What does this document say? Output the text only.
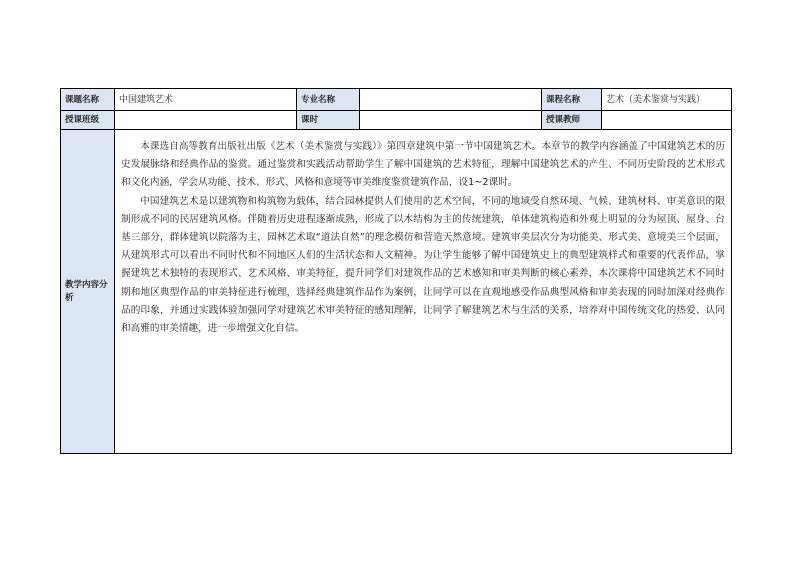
课题名称	中国建筑艺术	专业名称		课程名称	艺术（美术鉴赏与实践）
授课班级		课时		授课教师	
教学内容分析	本课选自高等教育出版社出版《艺术（美术鉴赏与实践）》第四章建筑中第一节中国建筑艺术。本章节的教学内容涵盖了中国建筑艺术的历史发展脉络和经典作品的鉴赏。通过鉴赏和实践活动帮助学生了解中国建筑的艺术特征，理解中国建筑艺术的产生、不同历史阶段的艺术形式和文化内涵，学会从功能、技术、形式、风格和意境等审美维度鉴赏建筑作品，设1~2课时。

中国建筑艺术是以建筑物和构筑物为载体，结合园林提供人们使用的艺术空间，不同的地域受自然环境、气候、建筑材料、审美意识的限制形成不同的民居建筑风格。伴随着历史进程逐渐成熟，形成了以木结构为主的传统建筑，单体建筑构造和外观上明显的分为屋顶、屋身、台基三部分，群体建筑以院落为主，园林艺术取“道法自然”的理念模仿和营造天然意境。建筑审美层次分为功能美、形式美、意境美三个层面，从建筑形式可以看出不同时代和不同地区人们的生活状态和人文精神。为让学生能够了解中国建筑史上的典型建筑样式和重要的代表作品，掌握建筑艺术独特的表现形式、艺术风格、审美特征，提升同学们对建筑作品的艺术感知和审美判断的核心素养，本次课将中国建筑艺术不同时期和地区典型作品的审美特征进行梳理，选择经典建筑作品作为案例，让同学可以在直观地感受作品典型风格和审美表现的同时加深对经典作品的印象，并通过实践体验加强同学对建筑艺术审美特征的感知理解，让同学了解建筑艺术与生活的关系，培养对中国传统文化的热爱、认同和高雅的审美情趣，进一步增强文化自信。				
